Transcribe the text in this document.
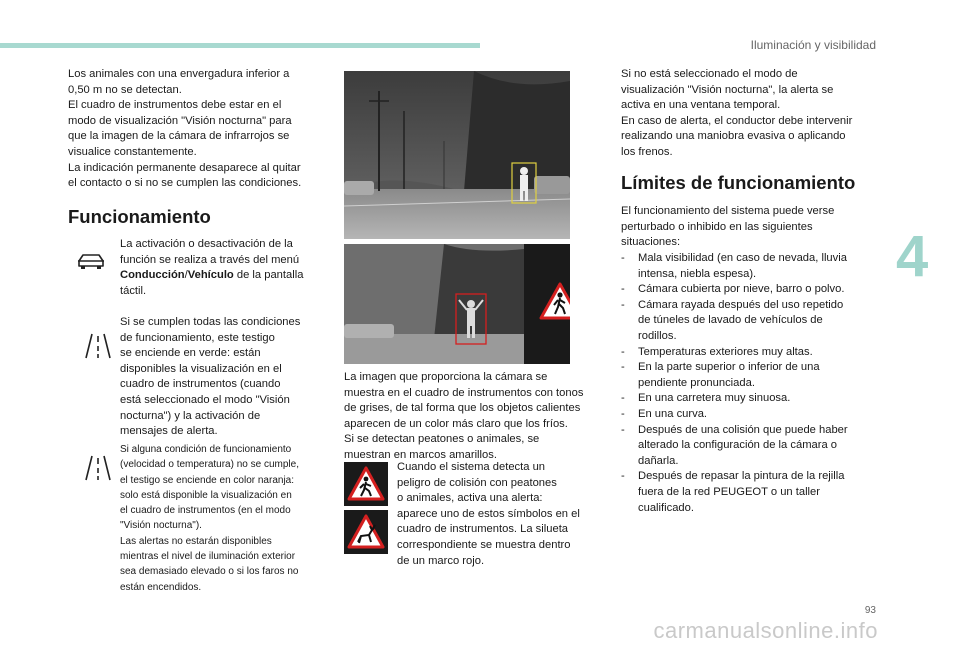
Iluminación y visibilidad
4

Los animales con una envergadura inferior a
0,50 m no se detectan.
El cuadro de instrumentos debe estar en el
modo de visualización "Visión nocturna" para
que la imagen de la cámara de infrarrojos se
visualice constantemente.
La indicación permanente desaparece al quitar
el contacto o si no se cumplen las condiciones.

Funcionamiento

La activación o desactivación de la
función se realiza a través del menú
Conducción/Vehículo de la pantalla
táctil.

Si se cumplen todas las condiciones
de funcionamiento, este testigo
se enciende en verde: están
disponibles la visualización en el
cuadro de instrumentos (cuando
está seleccionado el modo "Visión
nocturna") y la activación de
mensajes de alerta.

Si alguna condición de funcionamiento
(velocidad o temperatura) no se cumple,
el testigo se enciende en color naranja:
solo está disponible la visualización en
el cuadro de instrumentos (en el modo
"Visión nocturna").
Las alertas no estarán disponibles
mientras el nivel de iluminación exterior
sea demasiado elevado o si los faros no
están encendidos.

La imagen que proporciona la cámara se
muestra en el cuadro de instrumentos con tonos
de grises, de tal forma que los objetos calientes
aparecen de un color más claro que los fríos.
Si se detectan peatones o animales, se
muestran en marcos amarillos.

Cuando el sistema detecta un
peligro de colisión con peatones
o animales, activa una alerta:
aparece uno de estos símbolos en el
cuadro de instrumentos. La silueta
correspondiente se muestra dentro
de un marco rojo.

Si no está seleccionado el modo de
visualización "Visión nocturna", la alerta se
activa en una ventana temporal.
En caso de alerta, el conductor debe intervenir
realizando una maniobra evasiva o aplicando
los frenos.

Límites de funcionamiento

El funcionamiento del sistema puede verse
perturbado o inhibido en las siguientes
situaciones:

- Mala visibilidad (en caso de nevada, lluvia
intensa, niebla espesa).
- Cámara cubierta por nieve, barro o polvo.
- Cámara rayada después del uso repetido
de túneles de lavado de vehículos de
rodillos.
- Temperaturas exteriores muy altas.
- En la parte superior o inferior de una
pendiente pronunciada.
- En una carretera muy sinuosa.
- En una curva.
- Después de una colisión que puede haber
alterado la configuración de la cámara o
dañarla.
- Después de repasar la pintura de la rejilla
fuera de la red PEUGEOT o un taller
cualificado.
93
carmanualsonline.info
